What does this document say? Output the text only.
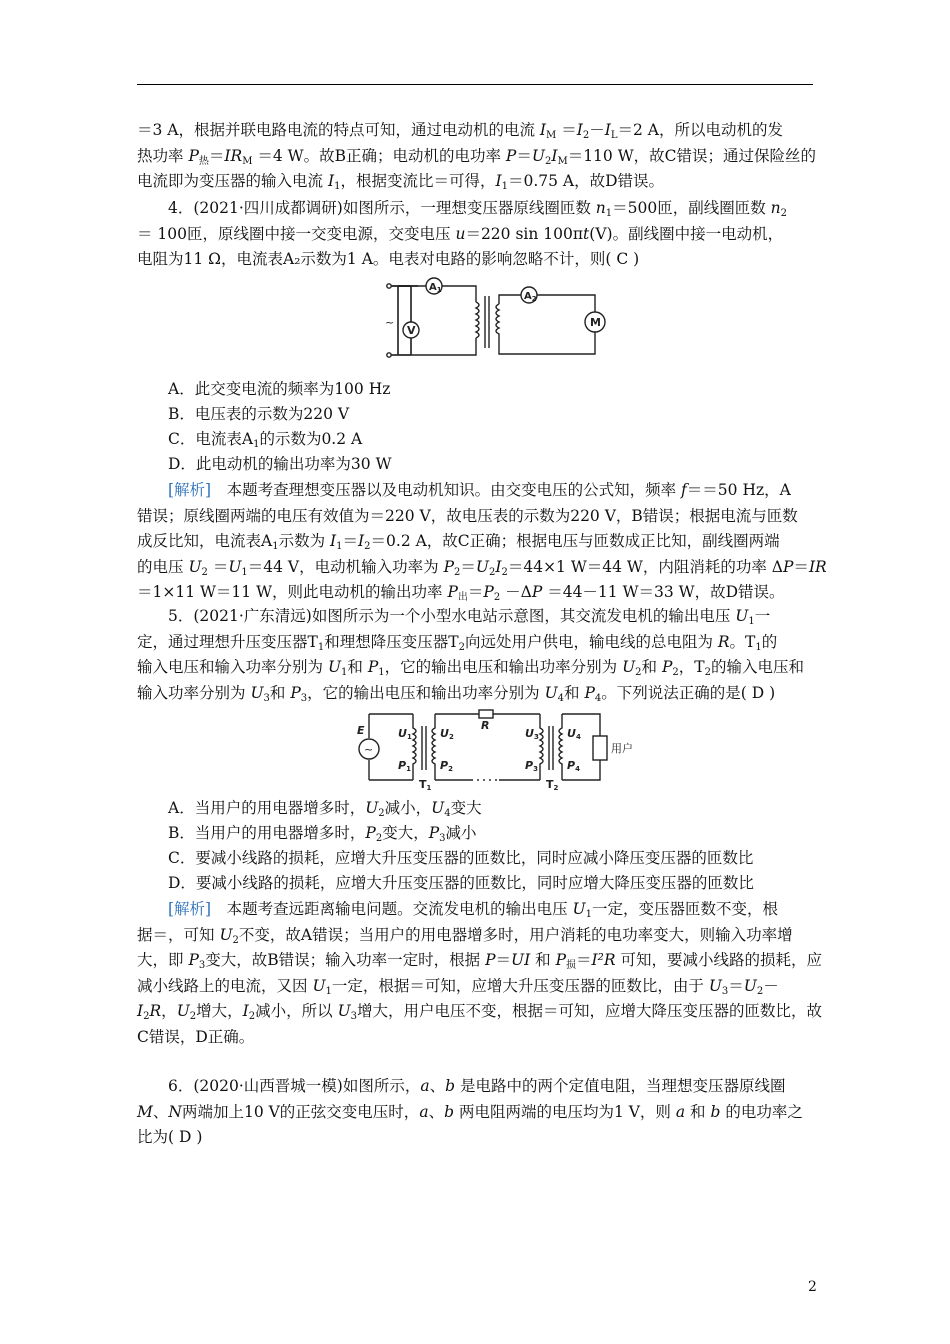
＝3 A，根据并联电路电流的特点可知，通过电动机的电流 $I_M =I_2-I_L=2$ A，所以电动机的发
热功率 $P_热=IR_M =4$ W。故B正确；电动机的电功率 $P=U_2I_M=110$ W，故C错误；通过保险丝的
电流即为变压器的输入电流 $I_1$，根据变流比＝可得，$I_1=0.75$ A，故D错误。
4．(2021·四川成都调研)如图所示，一理想变压器原线圈匝数 $n_1=500$匝，副线圈匝数 $n_2$
＝ 100匝，原线圈中接一交变电源，交变电压 u＝220 sin 100πt(V)。副线圈中接一电动机，
电阻为11 Ω，电流表A₂示数为1 A。电表对电路的影响忽略不计，则( C )
~
V
$A_1$
$A_2$
M
A．此交变电流的频率为100 Hz
B．电压表的示数为220 V
C．电流表$A_1$的示数为0.2 A
D．此电动机的输出功率为30 W
[解析]　本题考查理想变压器以及电动机知识。由交变电压的公式知，频率 f＝＝50 Hz，A
错误；原线圈两端的电压有效值为＝220 V，故电压表的示数为220 V，B错误；根据电流与匝数
成反比知，电流表$A_1$示数为 $I_1=I_2=0.2$ A，故C正确；根据电压与匝数成正比知，副线圈两端
的电压 $U_2 =U_1=44$ V，电动机输入功率为 $P_2=U_2I_2=44\times 1$ W＝44 W，内阻消耗的功率 ΔP＝IR
＝1×11 W＝11 W，则此电动机的输出功率 $P_出=P_2 -\Delta P =44-11$ W＝33 W，故D错误。
5．(2021·广东清远)如图所示为一个小型水电站示意图，其交流发电机的输出电压 $U_1$一
定，通过理想升压变压器$T_1$和理想降压变压器$T_2$向远处用户供电，输电线的总电阻为 R。$T_1$的
输入电压和输入功率分别为 $U_1$和 $P_1$，它的输出电压和输出功率分别为 $U_2$和 $P_2$，$T_2$的输入电压和
输入功率分别为 $U_3$和 $P_3$，它的输出电压和输出功率分别为 $U_4$和 $P_4$。下列说法正确的是( D )
~
E	R
用户
U1
P1
U2
P2
U3
P3
U4
P4
T1	T2
A．当用户的用电器增多时，$U_2$减小，$U_4$变大
B．当用户的用电器增多时，$P_2$变大，$P_3$减小
C．要减小线路的损耗，应增大升压变压器的匝数比，同时应减小降压变压器的匝数比
D．要减小线路的损耗，应增大升压变压器的匝数比，同时应增大降压变压器的匝数比
[解析]　本题考查远距离输电问题。交流发电机的输出电压 $U_1$一定，变压器匝数不变，根
据＝，可知 $U_2$不变，故A错误；当用户的用电器增多时，用户消耗的电功率变大，则输入功率增
大，即 $P_3$变大，故B错误；输入功率一定时，根据 P＝UI 和 $P_损=I^2R$ 可知，要减小线路的损耗，应
减小线路上的电流，又因 $U_1$一定，根据＝可知，应增大升压变压器的匝数比，由于 $U_3=U_2-$
$I_2R$，$U_2$增大，$I_2$减小，所以 $U_3$增大，用户电压不变，根据＝可知，应增大降压变压器的匝数比，故
C错误，D正确。
6．(2020·山西晋城一模)如图所示，a、b 是电路中的两个定值电阻，当理想变压器原线圈
M、N两端加上10 V的正弦交变电压时，a、b 两电阻两端的电压均为1 V，则 a 和 b 的电功率之
比为( D )
2
